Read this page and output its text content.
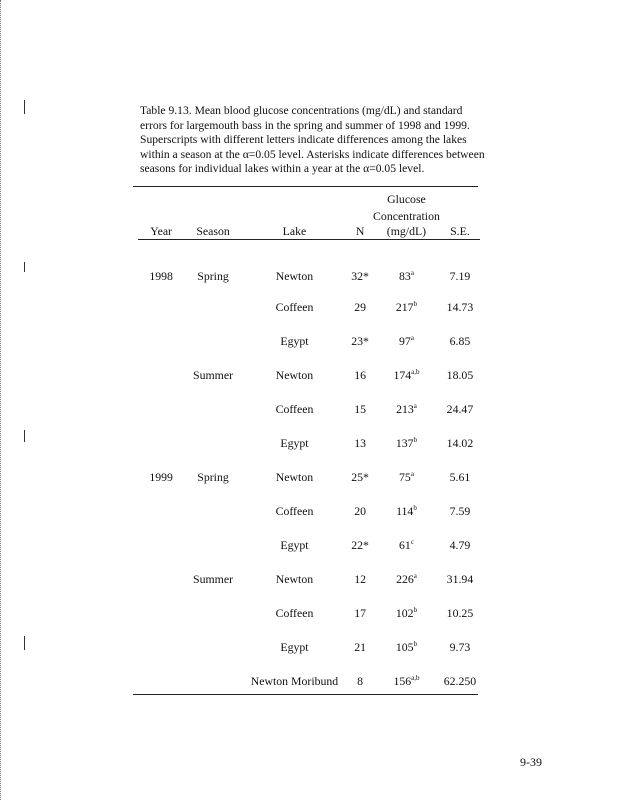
Table 9.13. Mean blood glucose concentrations (mg/dL) and standard errors for largemouth bass in the spring and summer of 1998 and 1999. Superscripts with different letters indicate differences among the lakes within a season at the α=0.05 level. Asterisks indicate differences between seasons for individual lakes within a year at the α=0.05 level.
				Glucose	
				Concentration	
Year	Season	Lake	N	(mg/dL)	S.E.
1998	Spring	Newton	32*	83$^a$	7.19
		Coffeen	29	217$^b$	14.73
		Egypt	23*	97$^a$	6.85
	Summer	Newton	16	174$^{a,b}$	18.05
		Coffeen	15	213$^a$	24.47
		Egypt	13	137$^b$	14.02
1999	Spring	Newton	25*	75$^a$	5.61
		Coffeen	20	114$^b$	7.59
		Egypt	22*	61$^c$	4.79
	Summer	Newton	12	226$^a$	31.94
		Coffeen	17	102$^b$	10.25
		Egypt	21	105$^b$	9.73
		Newton Moribund	8	156$^{a,b}$	62.250
9-39
